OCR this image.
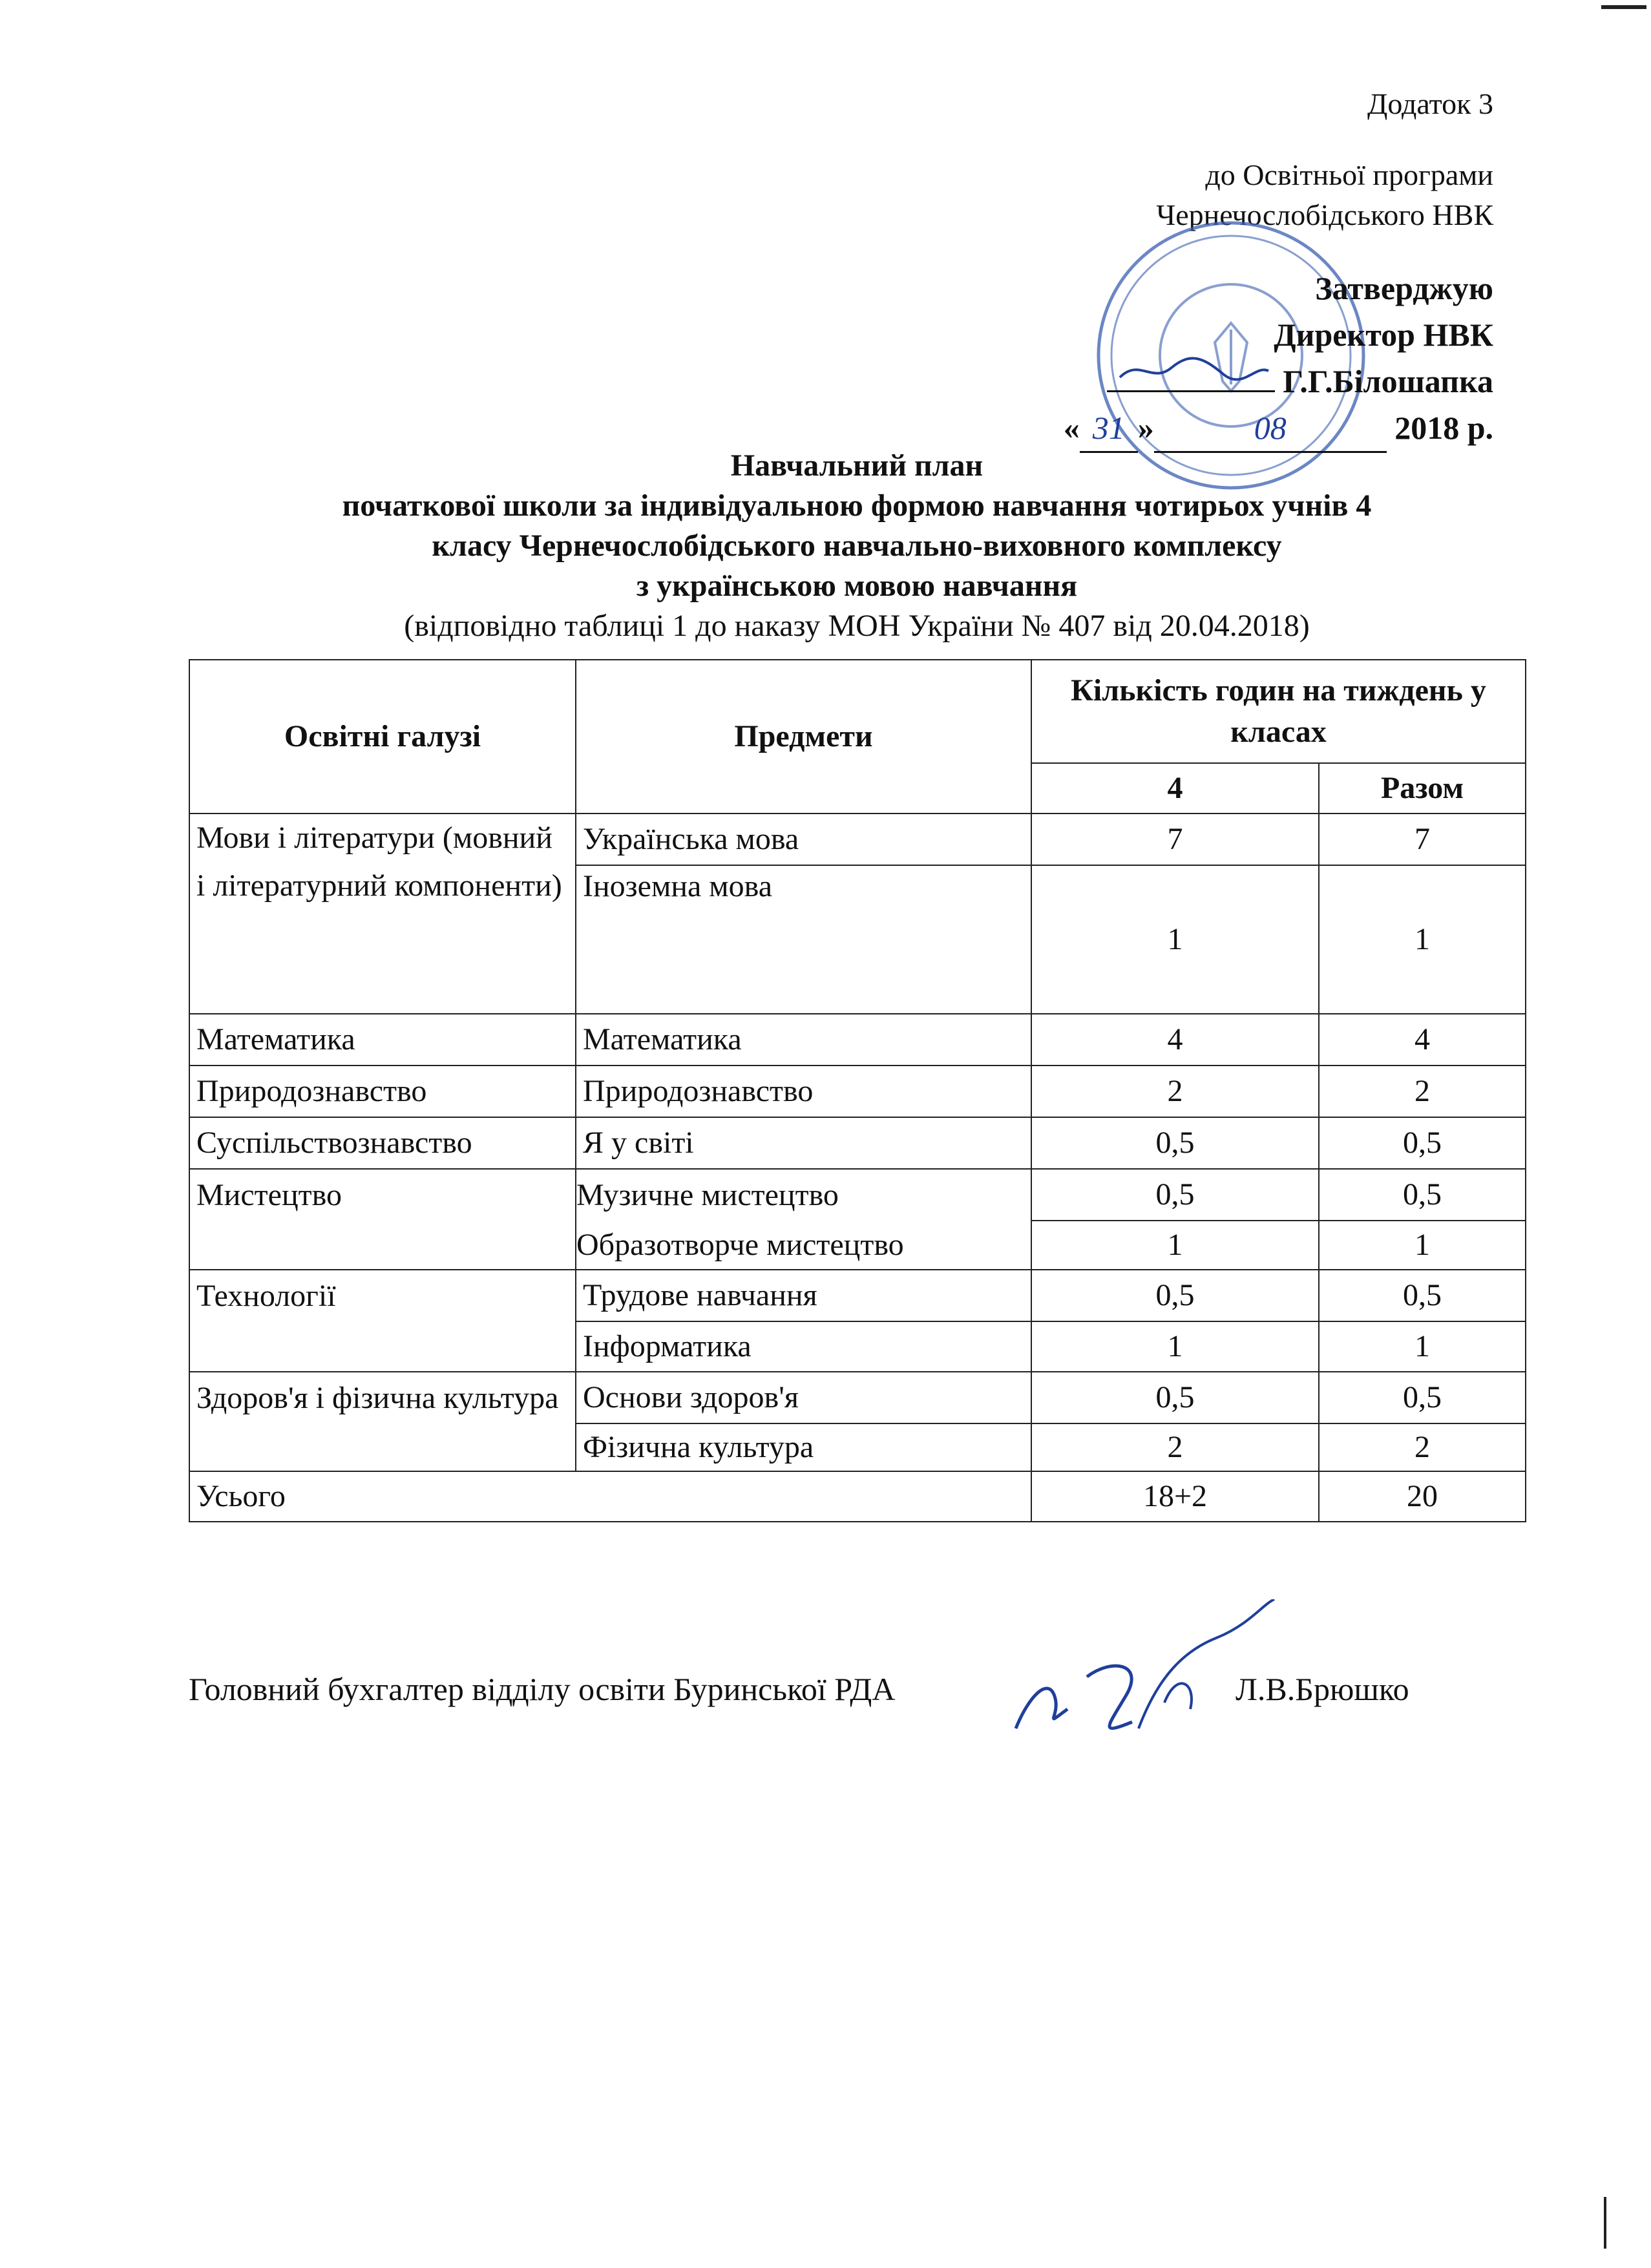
Додаток 3
до Освітньої програми
Чернечослобідського НВК
Затверджую
Директор НВК
Г.Г.Білошапка
« 31 »	08	2018 р.
Навчальний план
початкової школи за індивідуальною формою навчання чотирьох учнів 4
класу Чернечослобідського навчально-виховного комплексу
з українською мовою навчання
(відповідно таблиці 1 до наказу МОН України № 407 від 20.04.2018)
Освітні галузі	Предмети	Кількість годин на тиждень у класах	
		4	Разом
Мови і літератури (мовний і літературний компоненти)	Українська мова	7	7
	Іноземна мова	1	1
Математика	Математика	4	4
Природознавство	Природознавство	2	2
Суспільствознавство	Я у світі	0,5	0,5
Мистецтво	Музичне мистецтво	0,5	0,5
	Образотворче мистецтво	1	1
Технології	Трудове навчання	0,5	0,5
	Інформатика	1	1
Здоров'я і фізична культура	Основи здоров'я	0,5	0,5
	Фізична культура	2	2
Усього		18+2	20
Головний бухгалтер відділу освіти Буринської РДА	Л.В.Брюшко
